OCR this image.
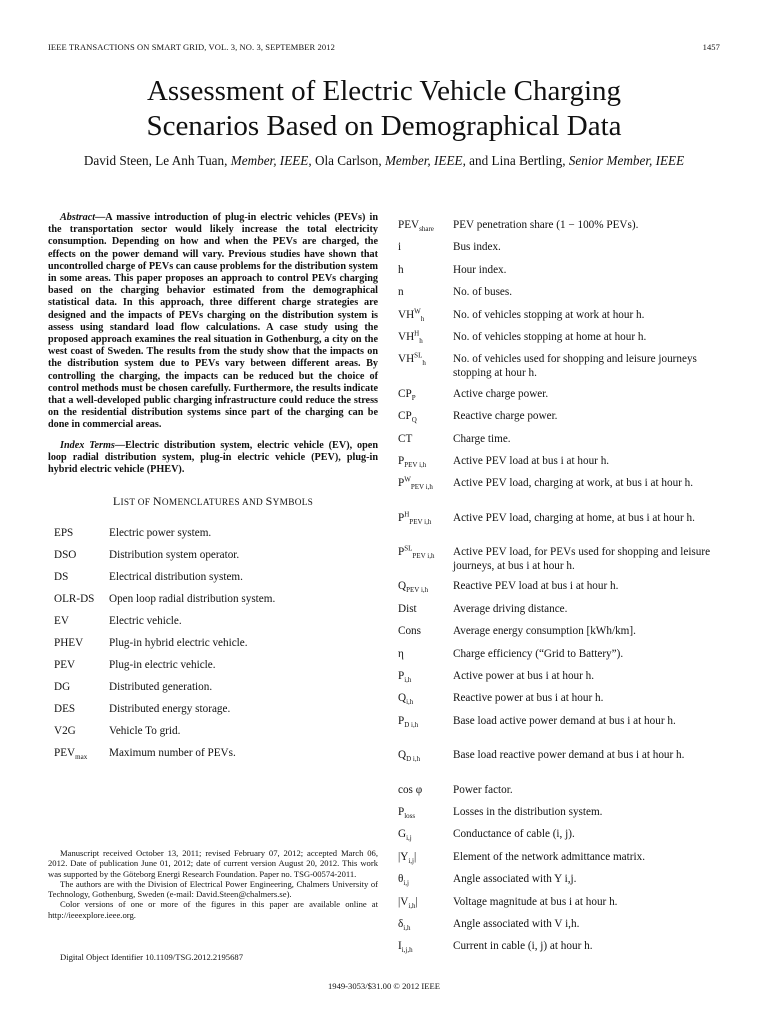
IEEE TRANSACTIONS ON SMART GRID, VOL. 3, NO. 3, SEPTEMBER 2012	1457
Assessment of Electric Vehicle Charging
Scenarios Based on Demographical Data
David Steen, Le Anh Tuan, Member, IEEE, Ola Carlson, Member, IEEE, and Lina Bertling, Senior Member, IEEE

Abstract—A massive introduction of plug-in electric vehicles (PEVs) in the transportation sector would likely increase the total electricity consumption. Depending on how and when the PEVs are charged, the effects on the power demand will vary. Previous studies have shown that uncontrolled charge of PEVs can cause problems for the distribution system in some areas. This paper proposes an approach to control PEVs charging based on the charging behavior estimated from the demographical statistical data. In this approach, three different charge strategies are designed and the impacts of PEVs charging on the distribution system is assess using standard load flow calculations. A case study using the proposed approach examines the real situation in Gothenburg, a city on the west coast of Sweden. The results from the study show that the impacts on the distribution system due to PEVs vary between different areas. By controlling the charging, the impacts can be reduced but the choice of control methods must be chosen carefully. Furthermore, the results indicate that a well-developed public charging infrastructure could reduce the stress on the residential distribution systems since part of the charging can be done in commercial areas.

Index Terms—Electric distribution system, electric vehicle (EV), open loop radial distribution system, plug-in electric vehicle (PEV), plug-in hybrid electric vehicle (PHEV).

LIST OF NOMENCLATURES AND SYMBOLS
EPS	Electric power system.
DSO	Distribution system operator.
DS	Electrical distribution system.
OLR-DS	Open loop radial distribution system.
EV	Electric vehicle.
PHEV	Plug-in hybrid electric vehicle.
PEV	Plug-in electric vehicle.
DG	Distributed generation.
DES	Distributed energy storage.
V2G	Vehicle To grid.
$PEV_{max}$	Maximum number of PEVs.
$PEV_{share}$	PEV penetration share (1 − 100% PEVs).
i	Bus index.
h	Hour index.
n	No. of buses.
$VH^W_h$	No. of vehicles stopping at work at hour h.
$VH^H_h$	No. of vehicles stopping at home at hour h.
$VH^{SL}_h$	No. of vehicles used for shopping and leisure journeys stopping at hour h.
$CP_P$	Active charge power.
$CP_Q$	Reactive charge power.
CT	Charge time.
$P_{PEV i,h}$	Active PEV load at bus i at hour h.
$P^W_{PEV i,h}$	Active PEV load, charging at work, at bus i at hour h.
$P^H_{PEV i,h}$	Active PEV load, charging at home, at bus i at hour h.
$P^{SL}_{PEV i,h}$	Active PEV load, for PEVs used for shopping and leisure journeys, at bus i at hour h.
$Q_{PEV i,h}$	Reactive PEV load at bus i at hour h.
Dist	Average driving distance.
Cons	Average energy consumption [kWh/km].
η	Charge efficiency (“Grid to Battery”).
$P_{i,h}$	Active power at bus i at hour h.
$Q_{i,h}$	Reactive power at bus i at hour h.
$P_{D i,h}$	Base load active power demand at bus i at hour h.
$Q_{D i,h}$	Base load reactive power demand at bus i at hour h.
cos φ	Power factor.
$P_{loss}$	Losses in the distribution system.
$G_{i,j}$	Conductance of cable (i, j).
$|Y_{i,j}|$	Element of the network admittance matrix.
$\theta_{i,j}$	Angle associated with Y i,j.
$|V_{i,h}|$	Voltage magnitude at bus i at hour h.
$\delta_{i,h}$	Angle associated with V i,h.
$I_{i,j,h}$	Current in cable (i, j) at hour h.

Manuscript received October 13, 2011; revised February 07, 2012; accepted March 06, 2012. Date of publication June 01, 2012; date of current version August 20, 2012. This work was supported by the Göteborg Energi Research Foundation. Paper no. TSG-00574-2011.

The authors are with the Division of Electrical Power Engineering, Chalmers University of Technology, Gothenburg, Sweden (e-mail: David.Steen@chalmers.se).

Color versions of one or more of the figures in this paper are available online at http://ieeexplore.ieee.org.

Digital Object Identifier 10.1109/TSG.2012.2195687
1949-3053/$31.00 © 2012 IEEE
